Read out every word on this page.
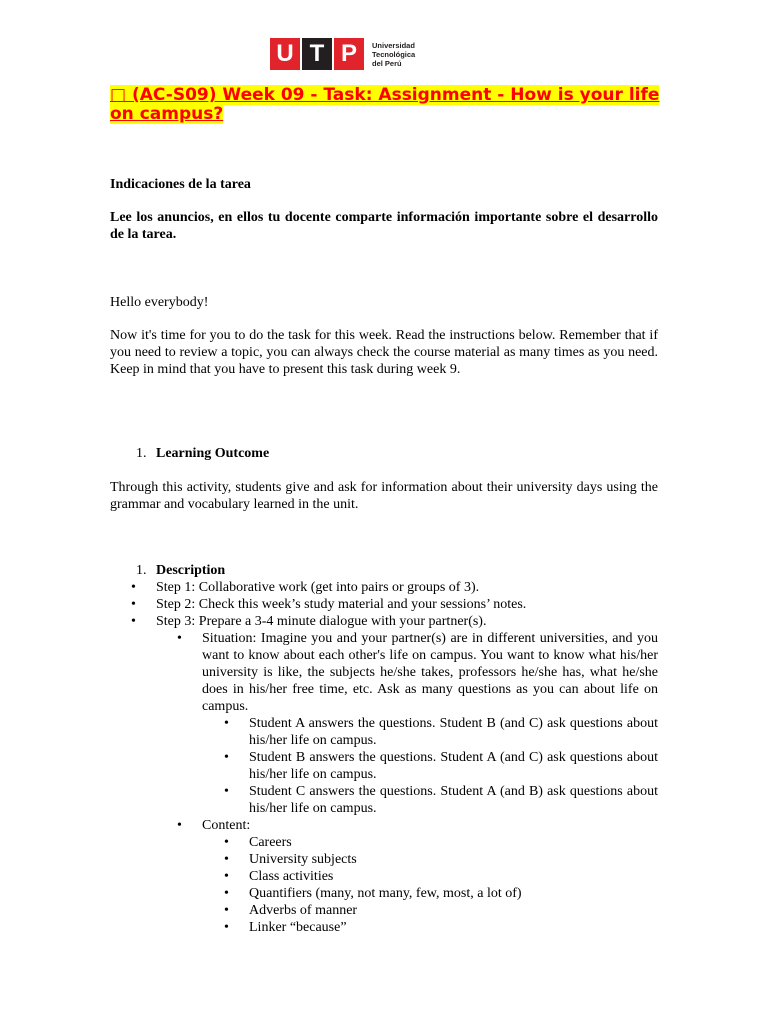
U T P	Universidad
Tecnológica
del Perú
□ (AC-S09) Week 09 - Task: Assignment - How is your life on campus?

Indicaciones de la tarea

Lee los anuncios, en ellos tu docente comparte información importante sobre el desarrollo de la tarea.

Hello everybody!

Now it's time for you to do the task for this week. Read the instructions below. Remember that if you need to review a topic, you can always check the course material as many times as you need. Keep in mind that you have to present this task during week 9.

1. Learning Outcome

Through this activity, students give and ask for information about their university days using the grammar and vocabulary learned in the unit.

1. Description

• Step 1: Collaborative work (get into pairs or groups of 3).
• Step 2: Check this week’s study material and your sessions’ notes.
• Step 3: Prepare a 3-4 minute dialogue with your partner(s).
• Situation: Imagine you and your partner(s) are in different universities, and you want to know about each other's life on campus. You want to know what his/her university is like, the subjects he/she takes, professors he/she has, what he/she does in his/her free time, etc. Ask as many questions as you can about life on campus.
• Student A answers the questions. Student B (and C) ask questions about his/her life on campus.
• Student B answers the questions. Student A (and C) ask questions about his/her life on campus.
• Student C answers the questions. Student A (and B) ask questions about his/her life on campus.
• Content:
• Careers
• University subjects
• Class activities
• Quantifiers (many, not many, few, most, a lot of)
• Adverbs of manner
• Linker “because”
